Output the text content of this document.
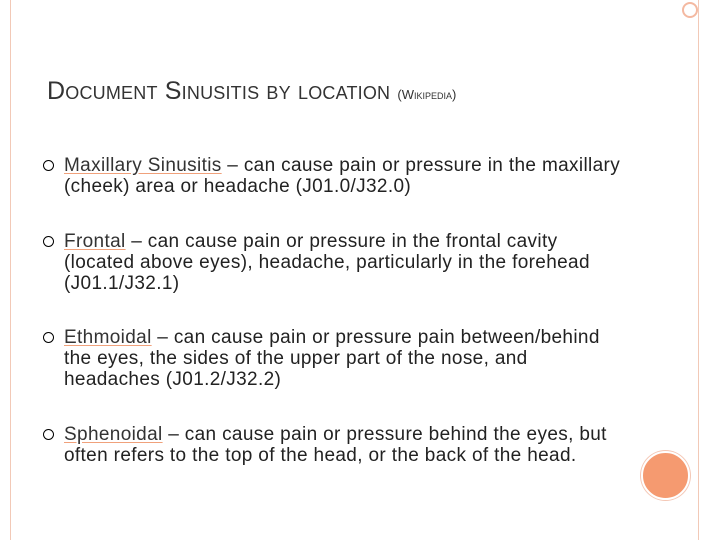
Document Sinusitis by location (Wikipedia)

Maxillary Sinusitis – can cause pain or pressure in the maxillary (cheek) area or headache (J01.0/J32.0)

Frontal – can cause pain or pressure in the frontal cavity (located above eyes), headache, particularly in the forehead (J01.1/J32.1)

Ethmoidal – can cause pain or pressure pain between/behind the eyes, the sides of the upper part of the nose, and headaches (J01.2/J32.2)

Sphenoidal – can cause pain or pressure behind the eyes, but often refers to the top of the head, or the back of the head.
